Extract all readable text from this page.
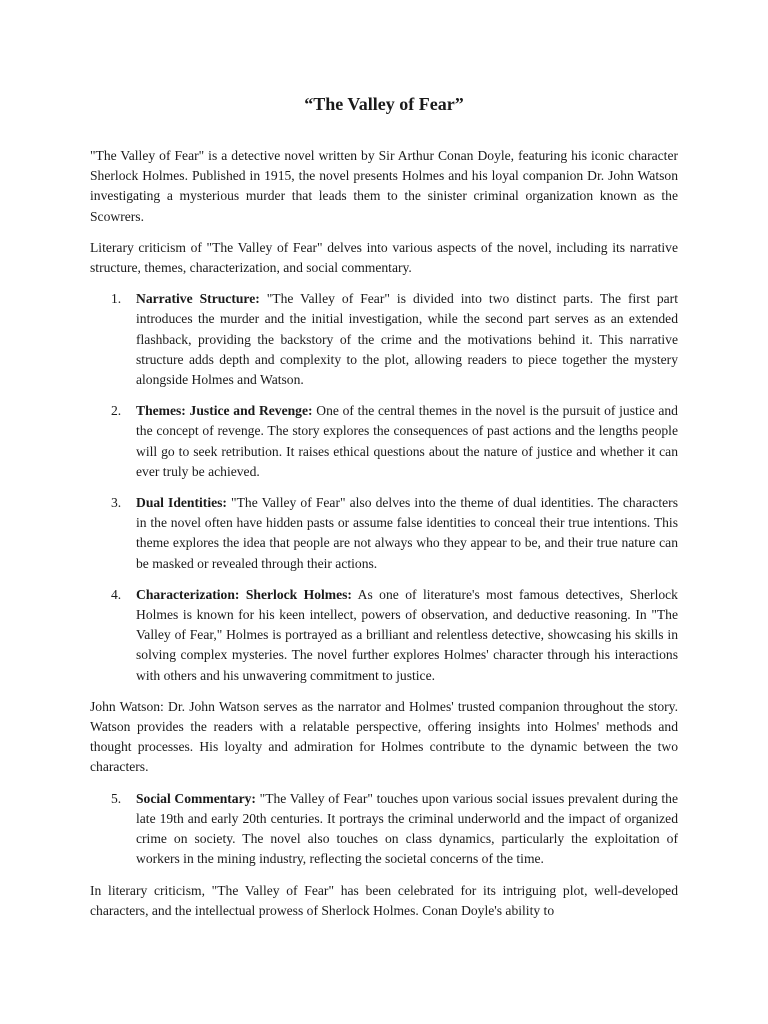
“The Valley of Fear”

"The Valley of Fear" is a detective novel written by Sir Arthur Conan Doyle, featuring his iconic character Sherlock Holmes. Published in 1915, the novel presents Holmes and his loyal companion Dr. John Watson investigating a mysterious murder that leads them to the sinister criminal organization known as the Scowrers.

Literary criticism of "The Valley of Fear" delves into various aspects of the novel, including its narrative structure, themes, characterization, and social commentary.

1. Narrative Structure: "The Valley of Fear" is divided into two distinct parts. The first part introduces the murder and the initial investigation, while the second part serves as an extended flashback, providing the backstory of the crime and the motivations behind it. This narrative structure adds depth and complexity to the plot, allowing readers to piece together the mystery alongside Holmes and Watson.
2. Themes: Justice and Revenge: One of the central themes in the novel is the pursuit of justice and the concept of revenge. The story explores the consequences of past actions and the lengths people will go to seek retribution. It raises ethical questions about the nature of justice and whether it can ever truly be achieved.
3. Dual Identities: "The Valley of Fear" also delves into the theme of dual identities. The characters in the novel often have hidden pasts or assume false identities to conceal their true intentions. This theme explores the idea that people are not always who they appear to be, and their true nature can be masked or revealed through their actions.
4. Characterization: Sherlock Holmes: As one of literature's most famous detectives, Sherlock Holmes is known for his keen intellect, powers of observation, and deductive reasoning. In "The Valley of Fear," Holmes is portrayed as a brilliant and relentless detective, showcasing his skills in solving complex mysteries. The novel further explores Holmes' character through his interactions with others and his unwavering commitment to justice.

John Watson: Dr. John Watson serves as the narrator and Holmes' trusted companion throughout the story. Watson provides the readers with a relatable perspective, offering insights into Holmes' methods and thought processes. His loyalty and admiration for Holmes contribute to the dynamic between the two characters.

5. Social Commentary: "The Valley of Fear" touches upon various social issues prevalent during the late 19th and early 20th centuries. It portrays the criminal underworld and the impact of organized crime on society. The novel also touches on class dynamics, particularly the exploitation of workers in the mining industry, reflecting the societal concerns of the time.

In literary criticism, "The Valley of Fear" has been celebrated for its intriguing plot, well-developed characters, and the intellectual prowess of Sherlock Holmes. Conan Doyle's ability to
